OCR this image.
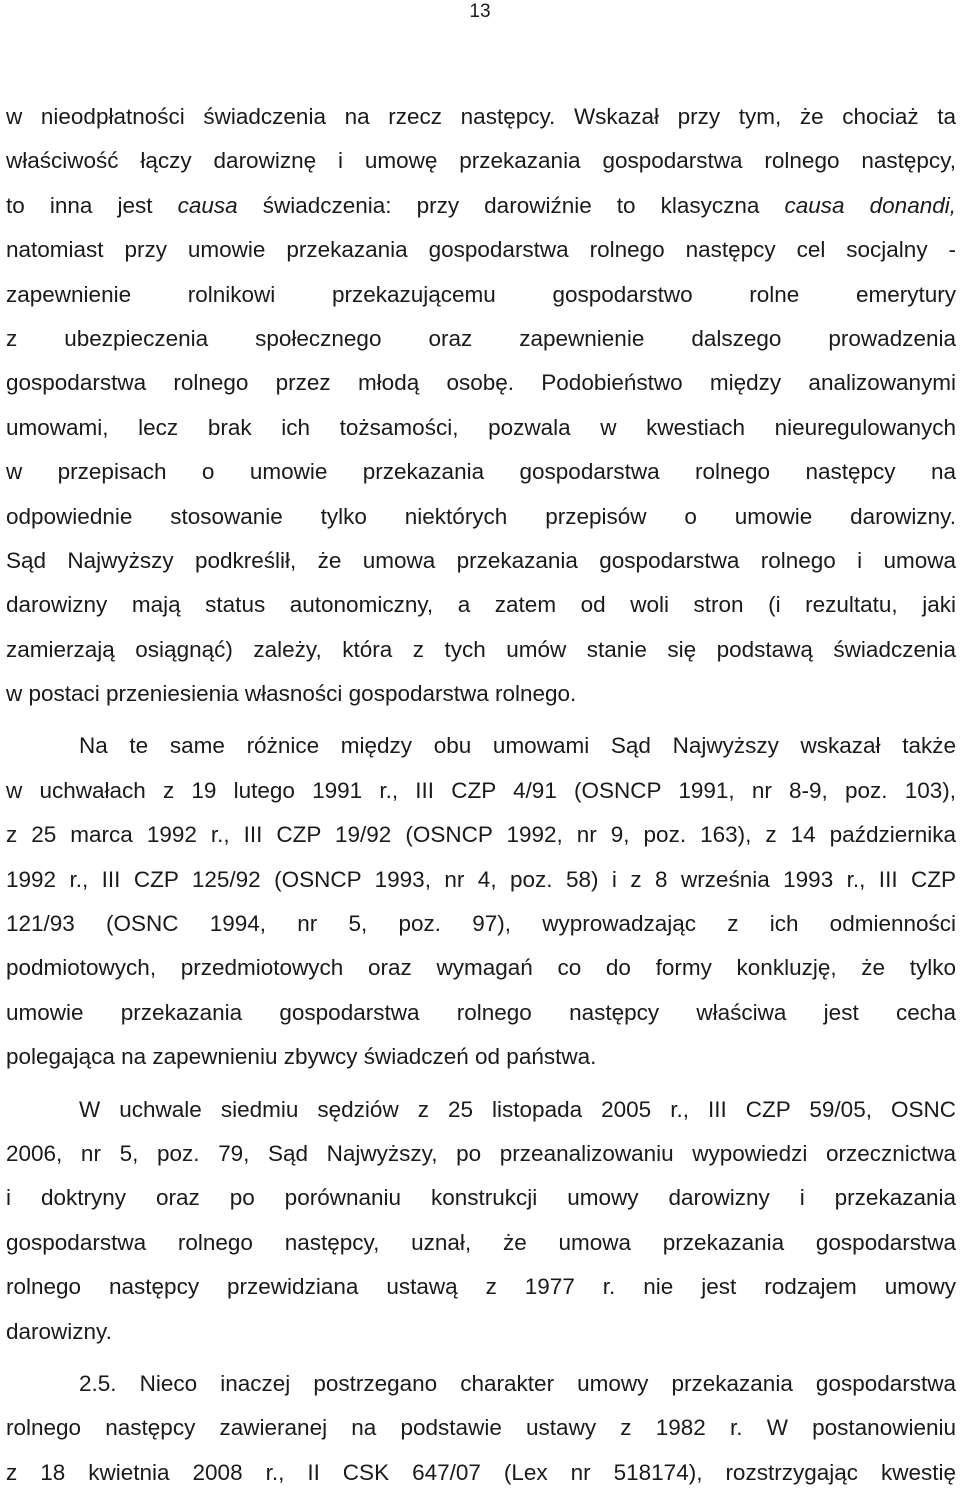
13
w nieodpłatności świadczenia na rzecz następcy. Wskazał przy tym, że chociaż ta
właściwość łączy darowiznę i umowę przekazania gospodarstwa rolnego następcy,
to inna jest causa świadczenia: przy darowiźnie to klasyczna causa donandi,
natomiast przy umowie przekazania gospodarstwa rolnego następcy cel socjalny -
zapewnienie rolnikowi przekazującemu gospodarstwo rolne emerytury
z ubezpieczenia społecznego oraz zapewnienie dalszego prowadzenia
gospodarstwa rolnego przez młodą osobę. Podobieństwo między analizowanymi
umowami, lecz brak ich tożsamości, pozwala w kwestiach nieuregulowanych
w przepisach o umowie przekazania gospodarstwa rolnego następcy na
odpowiednie stosowanie tylko niektórych przepisów o umowie darowizny.
Sąd Najwyższy podkreślił, że umowa przekazania gospodarstwa rolnego i umowa
darowizny mają status autonomiczny, a zatem od woli stron (i rezultatu, jaki
zamierzają osiągnąć) zależy, która z tych umów stanie się podstawą świadczenia
w postaci przeniesienia własności gospodarstwa rolnego.
Na te same różnice między obu umowami Sąd Najwyższy wskazał także
w uchwałach z 19 lutego 1991 r., III CZP 4/91 (OSNCP 1991, nr 8-9, poz. 103),
z 25 marca 1992 r., III CZP 19/92 (OSNCP 1992, nr 9, poz. 163), z 14 października
1992 r., III CZP 125/92 (OSNCP 1993, nr 4, poz. 58) i z 8 września 1993 r., III CZP
121/93 (OSNC 1994, nr 5, poz. 97), wyprowadzając z ich odmienności
podmiotowych, przedmiotowych oraz wymagań co do formy konkluzję, że tylko
umowie przekazania gospodarstwa rolnego następcy właściwa jest cecha
polegająca na zapewnieniu zbywcy świadczeń od państwa.
W uchwale siedmiu sędziów z 25 listopada 2005 r., III CZP 59/05, OSNC
2006, nr 5, poz. 79, Sąd Najwyższy, po przeanalizowaniu wypowiedzi orzecznictwa
i doktryny oraz po porównaniu konstrukcji umowy darowizny i przekazania
gospodarstwa rolnego następcy, uznał, że umowa przekazania gospodarstwa
rolnego następcy przewidziana ustawą z 1977 r. nie jest rodzajem umowy
darowizny.
2.5. Nieco inaczej postrzegano charakter umowy przekazania gospodarstwa
rolnego następcy zawieranej na podstawie ustawy z 1982 r. W postanowieniu
z 18 kwietnia 2008 r., II CSK 647/07 (Lex nr 518174), rozstrzygając kwestię
